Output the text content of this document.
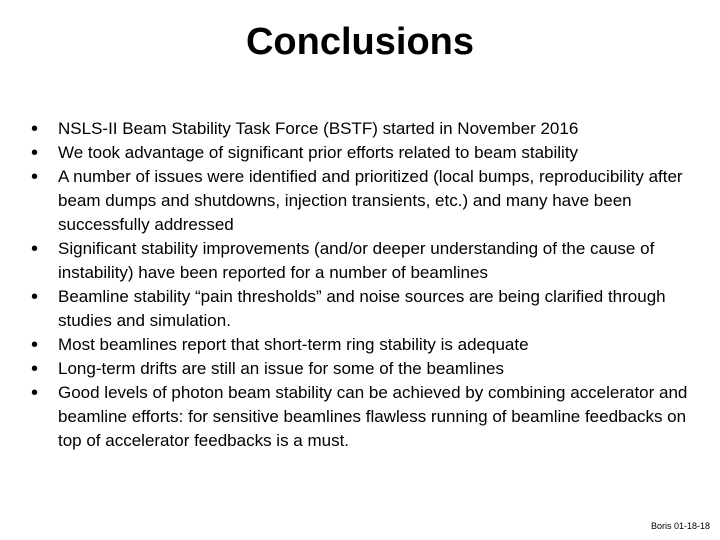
Conclusions
•	NSLS-II Beam Stability Task Force (BSTF) started in November 2016
•	We took advantage of significant prior efforts related to beam stability
•	A number of issues were identified and prioritized (local bumps, reproducibility after beam dumps and shutdowns, injection transients, etc.) and many have been successfully addressed
•	Significant stability improvements (and/or deeper understanding of the cause of instability) have been reported for a number of beamlines
•	Beamline stability “pain thresholds” and noise sources are being clarified through studies and simulation.
•	Most beamlines report that short-term ring stability is adequate
•	Long-term drifts are still an issue for some of the beamlines
•	Good levels of photon beam stability can be achieved by combining accelerator and beamline efforts: for sensitive beamlines flawless running of beamline feedbacks on top of accelerator feedbacks is a must.
Boris 01-18-18
